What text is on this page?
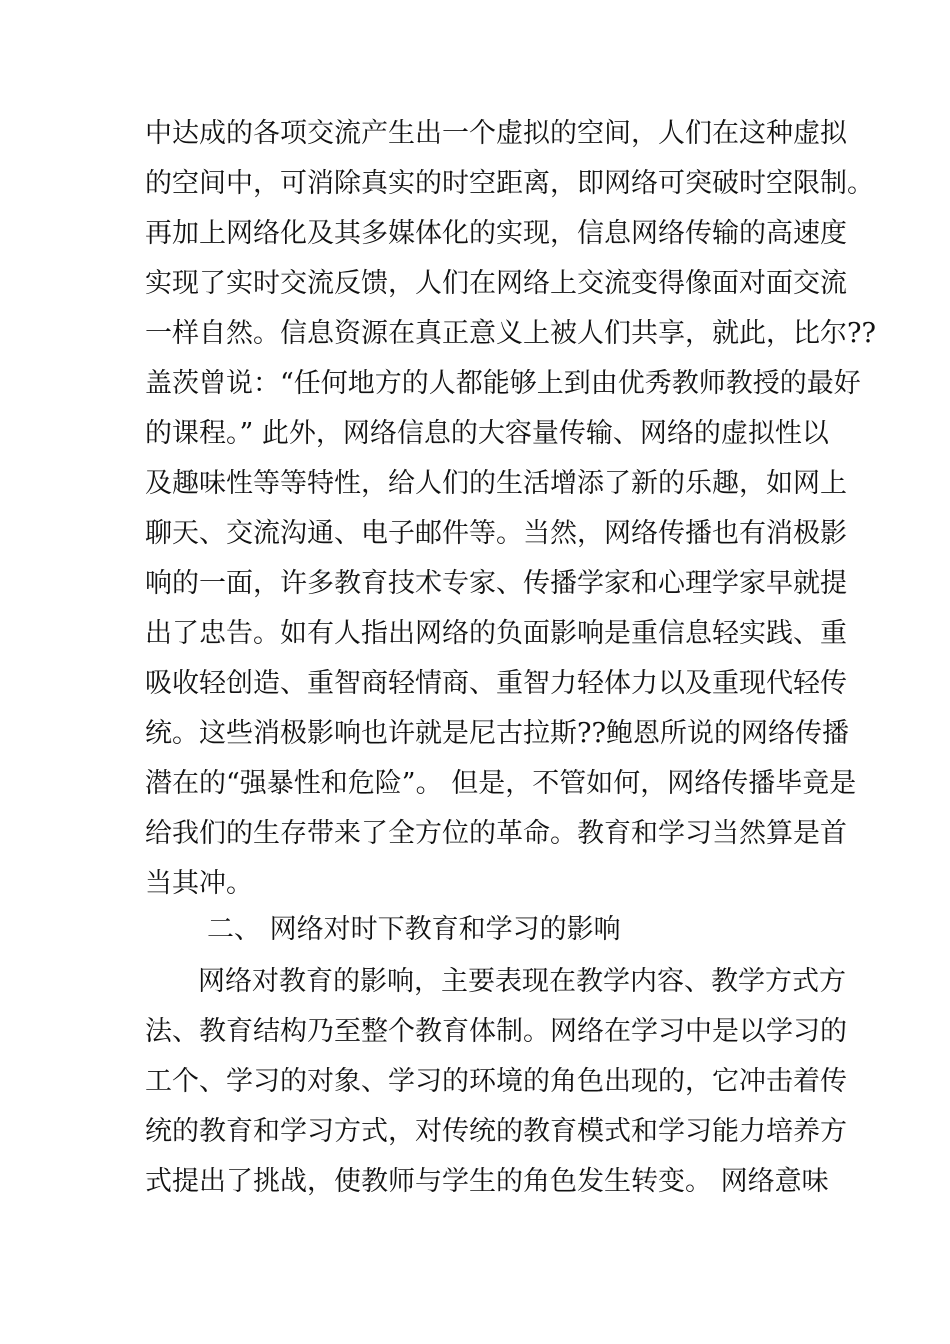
中达成的各项交流产生出一个虚拟的空间，人们在这种虚拟
的空间中，可消除真实的时空距离，即网络可突破时空限制。
再加上网络化及其多媒体化的实现，信息网络传输的高速度
实现了实时交流反馈，人们在网络上交流变得像面对面交流
一样自然。信息资源在真正意义上被人们共享，就此，比尔??
盖茨曾说：“任何地方的人都能够上到由优秀教师教授的最好
的课程。” 此外，网络信息的大容量传输、网络的虚拟性以
及趣味性等等特性，给人们的生活增添了新的乐趣，如网上
聊天、交流沟通、电子邮件等。当然，网络传播也有消极影
响的一面，许多教育技术专家、传播学家和心理学家早就提
出了忠告。如有人指出网络的负面影响是重信息轻实践、重
吸收轻创造、重智商轻情商、重智力轻体力以及重现代轻传
统。这些消极影响也许就是尼古拉斯??鲍恩所说的网络传播
潜在的“强暴性和危险”。 但是，不管如何，网络传播毕竟是
给我们的生存带来了全方位的革命。教育和学习当然算是首
当其冲。
二、 网络对时下教育和学习的影响
网络对教育的影响，主要表现在教学内容、教学方式方
法、教育结构乃至整个教育体制。网络在学习中是以学习的
工个、学习的对象、学习的环境的角色出现的，它冲击着传
统的教育和学习方式，对传统的教育模式和学习能力培养方
式提出了挑战，使教师与学生的角色发生转变。 网络意味
